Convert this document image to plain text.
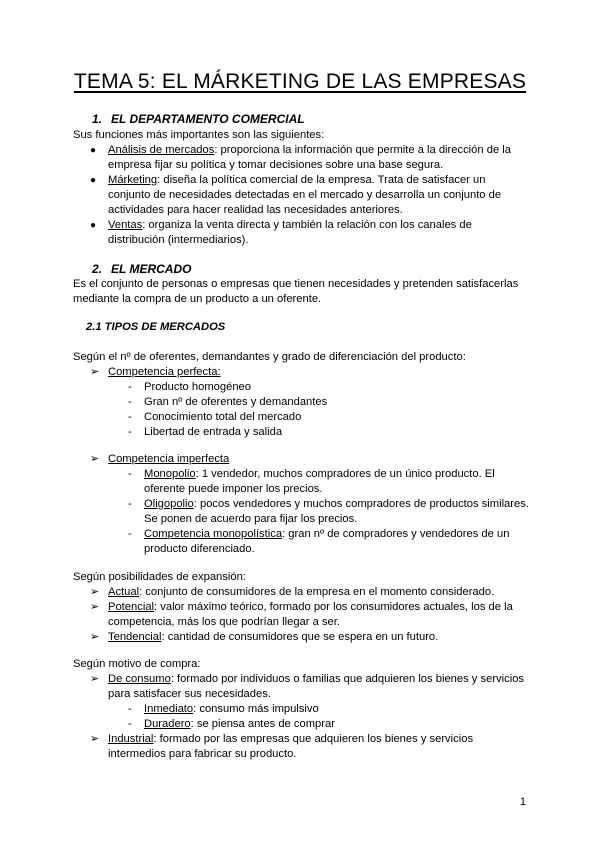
TEMA 5: EL MÁRKETING DE LAS EMPRESAS
1. EL DEPARTAMENTO COMERCIAL
Sus funciones más importantes son las siguientes:
● Análisis de mercados: proporciona la información que permite a la dirección de la
empresa fijar su política y tomar decisiones sobre una base segura.
● Márketing: diseña la política comercial de la empresa. Trata de satisfacer un
conjunto de necesidades detectadas en el mercado y desarrolla un conjunto de
actividades para hacer realidad las necesidades anteriores.
● Ventas: organiza la venta directa y también la relación con los canales de
distribución (intermediarios).
2. EL MERCADO
Es el conjunto de personas o empresas que tienen necesidades y pretenden satisfacerlas
mediante la compra de un producto a un oferente.
2.1 TIPOS DE MERCADOS
Según el nº de oferentes, demandantes y grado de diferenciación del producto:
➢ Competencia perfecta:
- Producto homogéneo
- Gran nº de oferentes y demandantes
- Conocimiento total del mercado
- Libertad de entrada y salida
➢ Competencia imperfecta
- Monopolio: 1 vendedor, muchos compradores de un único producto. El
oferente puede imponer los precios.
- Oligopolio: pocos vendedores y muchos compradores de productos similares.
Se ponen de acuerdo para fijar los precios.
- Competencia monopolística: gran nº de compradores y vendedores de un
producto diferenciado.
Según posibilidades de expansión:
➢ Actual: conjunto de consumidores de la empresa en el momento considerado.
➢ Potencial: valor máximo teórico, formado por los consumidores actuales, los de la
competencia, más los que podrían llegar a ser.
➢ Tendencial: cantidad de consumidores que se espera en un futuro.
Según motivo de compra:
➢ De consumo: formado por individuos o familias que adquieren los bienes y servicios
para satisfacer sus necesidades.
- Inmediato: consumo más impulsivo
- Duradero: se piensa antes de comprar
➢ Industrial: formado por las empresas que adquieren los bienes y servicios
intermedios para fabricar su producto.
1
